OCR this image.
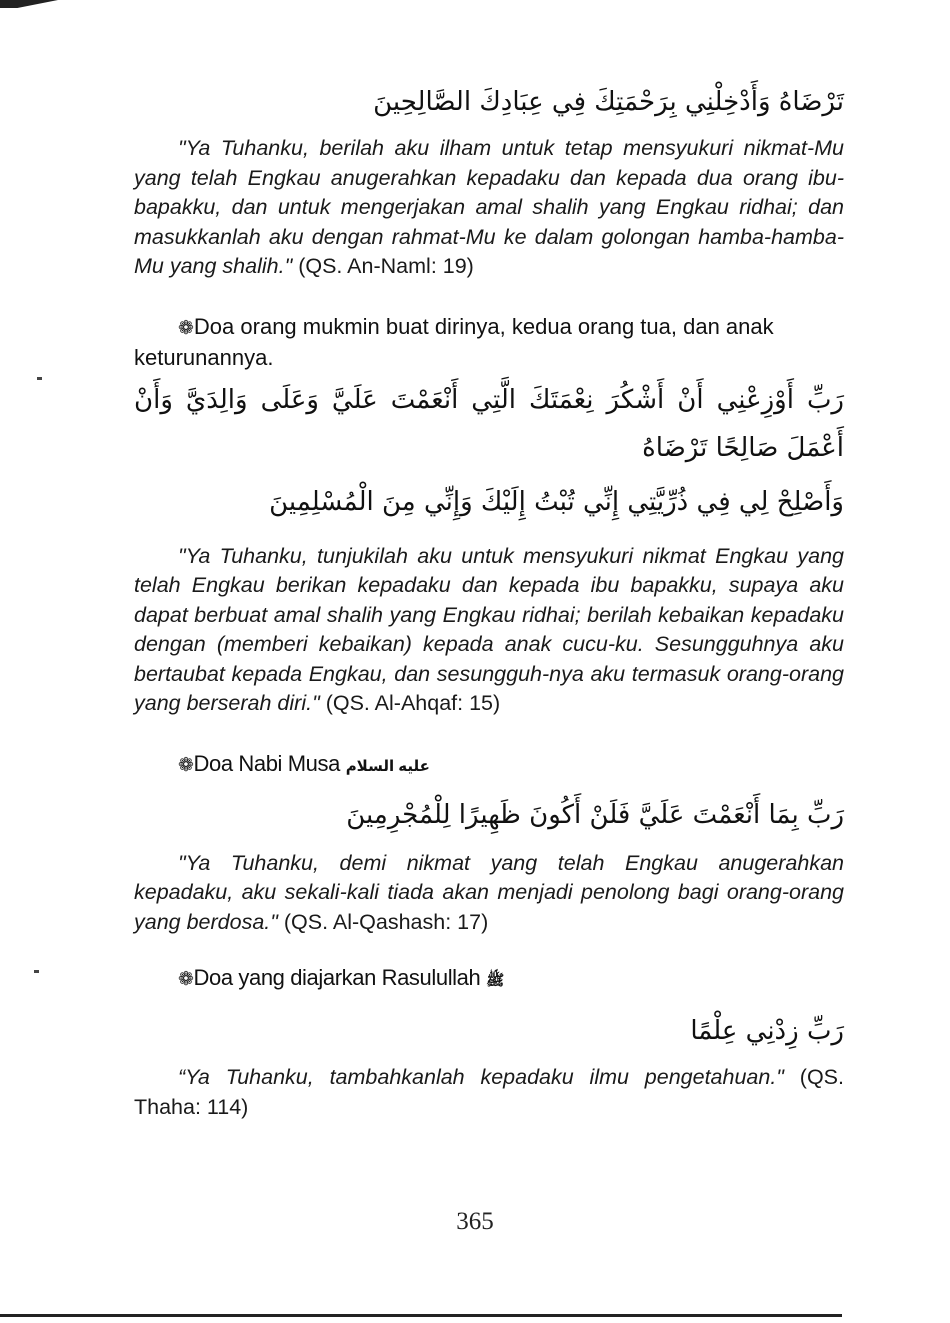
تَرْضَاهُ وَأَدْخِلْنِي بِرَحْمَتِكَ فِي عِبَادِكَ الصَّالِحِينَ

"Ya Tuhanku, berilah aku ilham untuk tetap mensyukuri nikmat-Mu yang telah Engkau anugerahkan kepadaku dan kepada dua orang ibu-bapakku, dan untuk mengerjakan amal shalih yang Engkau ridhai; dan masukkanlah aku dengan rahmat-Mu ke dalam golongan hamba-hamba-Mu yang shalih." (QS. An-Naml: 19)

❁Doa orang mukmin buat dirinya, kedua orang tua, dan anak keturunannya.

رَبِّ أَوْزِعْنِي أَنْ أَشْكُرَ نِعْمَتَكَ الَّتِي أَنْعَمْتَ عَلَيَّ وَعَلَى وَالِدَيَّ وَأَنْ أَعْمَلَ صَالِحًا تَرْضَاهُ

وَأَصْلِحْ لِي فِي ذُرِّيَّتِي إِنِّي تُبْتُ إِلَيْكَ وَإِنِّي مِنَ الْمُسْلِمِينَ

"Ya Tuhanku, tunjukilah aku untuk mensyukuri nikmat Engkau yang telah Engkau berikan kepadaku dan kepada ibu bapakku, supaya aku dapat berbuat amal shalih yang Engkau ridhai; berilah kebaikan kepadaku dengan (memberi kebaikan) kepada anak cucu-ku. Sesungguhnya aku bertaubat kepada Engkau, dan sesungguh-nya aku termasuk orang-orang yang berserah diri." (QS. Al-Ahqaf: 15)

❁Doa Nabi Musa عليه السلام

رَبِّ بِمَا أَنْعَمْتَ عَلَيَّ فَلَنْ أَكُونَ ظَهِيرًا لِلْمُجْرِمِينَ

"Ya Tuhanku, demi nikmat yang telah Engkau anugerahkan kepadaku, aku sekali-kali tiada akan menjadi penolong bagi orang-orang yang berdosa." (QS. Al-Qashash: 17)

❁Doa yang diajarkan Rasulullah ﷺ

رَبِّ زِدْنِي عِلْمًا

“Ya Tuhanku, tambahkanlah kepadaku ilmu pengetahuan." (QS. Thaha: 114)

365
